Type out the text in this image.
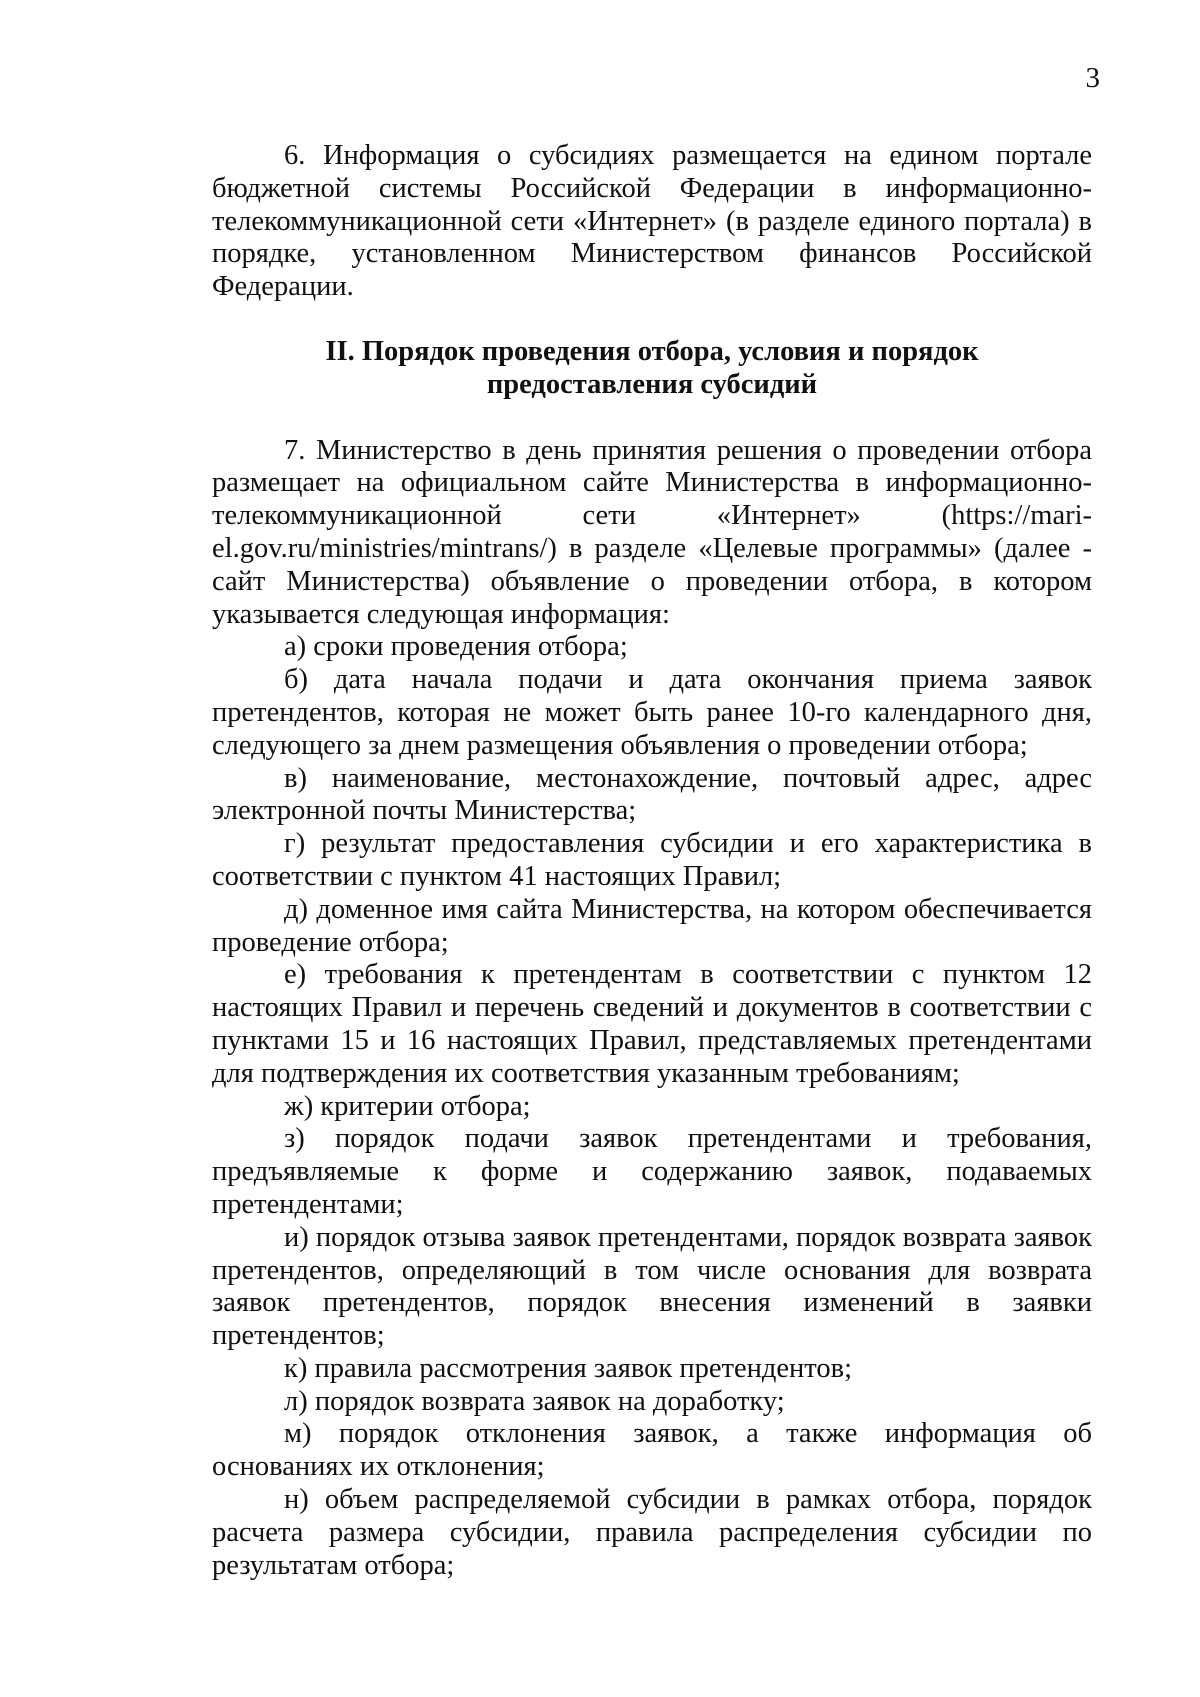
3

6. Информация о субсидиях размещается на едином портале бюджетной системы Российской Федерации в информационно-телекоммуникационной сети «Интернет» (в разделе единого портала) в порядке, установленном Министерством финансов Российской Федерации.

II. Порядок проведения отбора, условия и порядок
предоставления субсидий

7. Министерство в день принятия решения о проведении отбора размещает на официальном сайте Министерства в информационно-телекоммуникационной сети «Интернет» (https://mari-el.gov.ru/ministries/mintrans/) в разделе «Целевые программы» (далее - сайт Министерства) объявление о проведении отбора, в котором указывается следующая информация:

а) сроки проведения отбора;

б) дата начала подачи и дата окончания приема заявок претендентов, которая не может быть ранее 10-го календарного дня, следующего за днем размещения объявления о проведении отбора;

в) наименование, местонахождение, почтовый адрес, адрес электронной почты Министерства;

г) результат предоставления субсидии и его характеристика в соответствии с пунктом 41 настоящих Правил;

д) доменное имя сайта Министерства, на котором обеспечивается проведение отбора;

е) требования к претендентам в соответствии с пунктом 12 настоящих Правил и перечень сведений и документов в соответствии с пунктами 15 и 16 настоящих Правил, представляемых претендентами для подтверждения их соответствия указанным требованиям;

ж) критерии отбора;

з) порядок подачи заявок претендентами и требования, предъявляемые к форме и содержанию заявок, подаваемых претендентами;

и) порядок отзыва заявок претендентами, порядок возврата заявок претендентов, определяющий в том числе основания для возврата заявок претендентов, порядок внесения изменений в заявки претендентов;

к) правила рассмотрения заявок претендентов;

л) порядок возврата заявок на доработку;

м) порядок отклонения заявок, а также информация об основаниях их отклонения;

н) объем распределяемой субсидии в рамках отбора, порядок расчета размера субсидии, правила распределения субсидии по результатам отбора;
